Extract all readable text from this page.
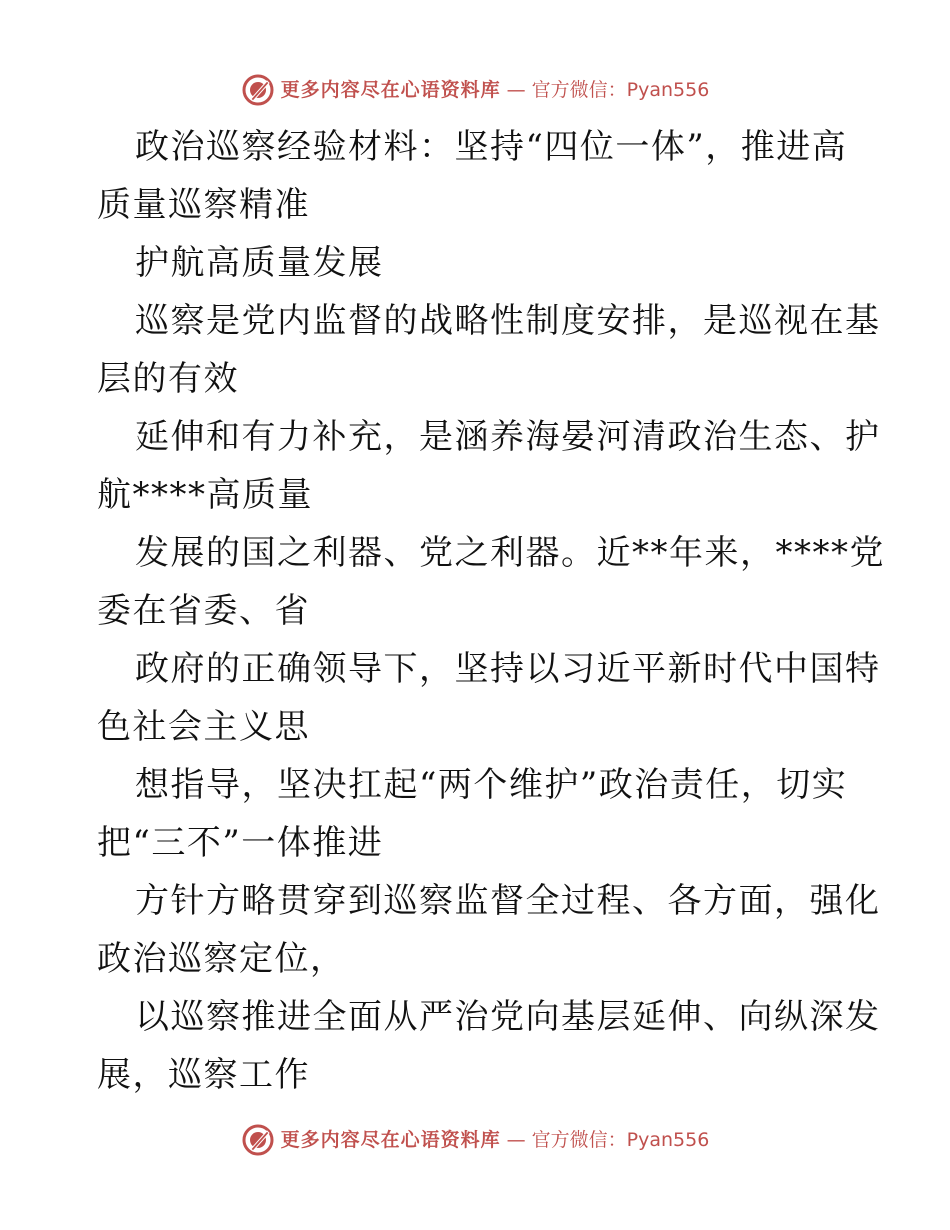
更多内容尽在心语资料库 — 官方微信：Pyan556
政治巡察经验材料：坚持“四位一体”，推进高
质量巡察精准
护航高质量发展
巡察是党内监督的战略性制度安排，是巡视在基
层的有效
延伸和有力补充，是涵养海晏河清政治生态、护
航****高质量
发展的国之利器、党之利器。近**年来，****党
委在省委、省
政府的正确领导下，坚持以习近平新时代中国特
色社会主义思
想指导，坚决扛起“两个维护”政治责任，切实
把“三不”一体推进
方针方略贯穿到巡察监督全过程、各方面，强化
政治巡察定位，
以巡察推进全面从严治党向基层延伸、向纵深发
展，巡察工作
更多内容尽在心语资料库 — 官方微信：Pyan556
